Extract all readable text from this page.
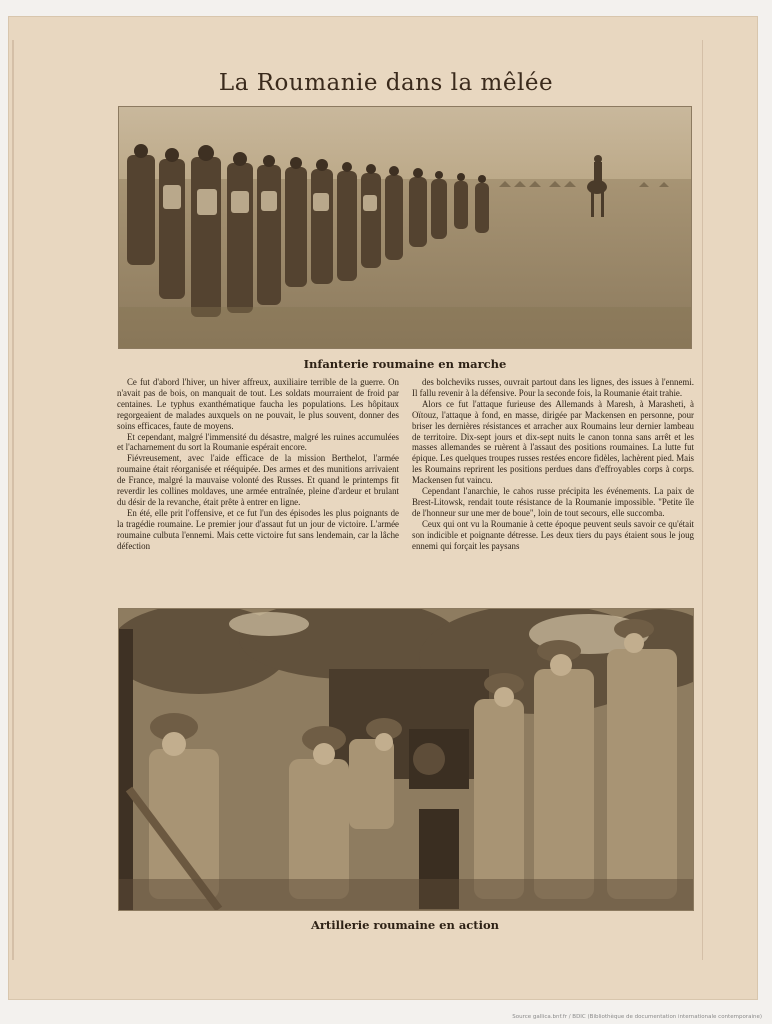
La Roumanie dans la mêlée
Infanterie roumaine en marche

Ce fut d'abord l'hiver, un hiver affreux, auxiliaire terrible de la guerre. On n'avait pas de bois, on manquait de tout. Les soldats mourraient de froid par centaines. Le typhus exanthématique faucha les populations. Les hôpitaux regorgeaient de malades auxquels on ne pouvait, le plus souvent, donner des soins efficaces, faute de moyens.

Et cependant, malgré l'immensité du désastre, malgré les ruines accumulées et l'acharnement du sort la Roumanie espérait encore.

Fiévreusement, avec l'aide efficace de la mission Berthelot, l'armée roumaine était réorganisée et rééquipée. Des armes et des munitions arrivaient de France, malgré la mauvaise volonté des Russes. Et quand le printemps fit reverdir les collines moldaves, une armée entraînée, pleine d'ardeur et brulant du désir de la revanche, était prête à entrer en ligne.

En été, elle prit l'offensive, et ce fut l'un des épisodes les plus poignants de la tragédie roumaine. Le premier jour d'assaut fut un jour de victoire. L'armée roumaine culbuta l'ennemi. Mais cette victoire fut sans lendemain, car la lâche défection

des bolcheviks russes, ouvrait partout dans les lignes, des issues à l'ennemi. Il fallu revenir à la défensive. Pour la seconde fois, la Roumanie était trahie.

Alors ce fut l'attaque furieuse des Allemands à Maresh, à Marasheti, à Oïtouz, l'attaque à fond, en masse, dirigée par Mackensen en personne, pour briser les dernières résistances et arracher aux Roumains leur dernier lambeau de territoire. Dix-sept jours et dix-sept nuits le canon tonna sans arrêt et les masses allemandes se ruèrent à l'assaut des positions roumaines. La lutte fut épique. Les quelques troupes russes restées encore fidèles, lachèrent pied. Mais les Roumains reprirent les positions perdues dans d'effroyables corps à corps. Mackensen fut vaincu.

Cependant l'anarchie, le cahos russe précipita les événements. La paix de Brest-Litowsk, rendait toute résistance de la Roumanie impossible. "Petite île de l'honneur sur une mer de boue", loin de tout secours, elle succomba.

Ceux qui ont vu la Roumanie à cette époque peuvent seuls savoir ce qu'était son indicible et poignante détresse. Les deux tiers du pays étaient sous le joug ennemi qui forçait les paysans

Artillerie roumaine en action
Source gallica.bnf.fr / BDIC (Bibliothèque de documentation internationale contemporaine)
